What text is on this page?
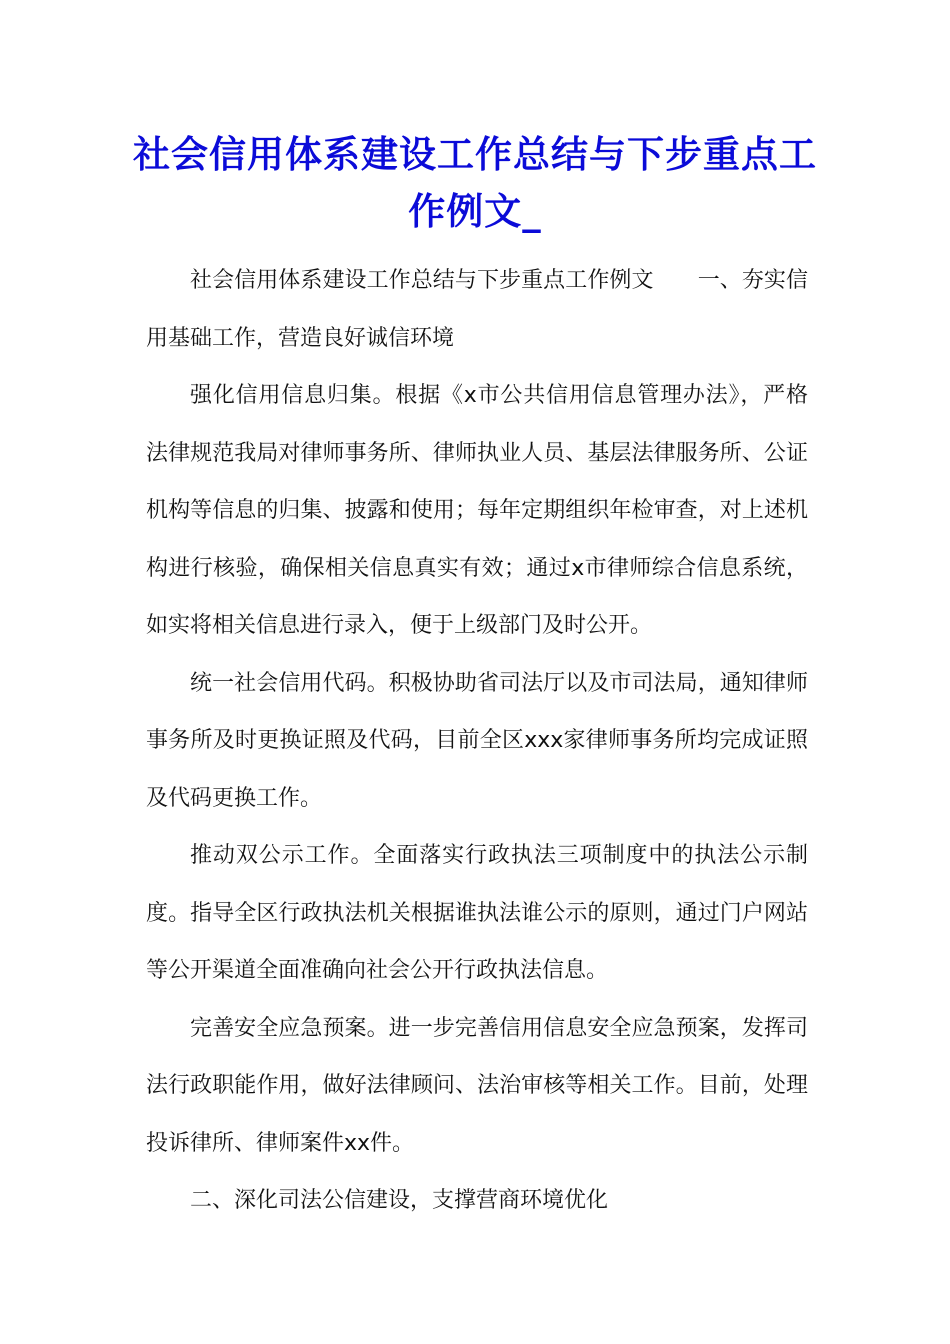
社会信用体系建设工作总结与下步重点工作例文_

社会信用体系建设工作总结与下步重点工作例文　　一、夯实信用基础工作，营造良好诚信环境

强化信用信息归集。根据《x市公共信用信息管理办法》，严格法律规范我局对律师事务所、律师执业人员、基层法律服务所、公证机构等信息的归集、披露和使用；每年定期组织年检审查，对上述机构进行核验，确保相关信息真实有效；通过x市律师综合信息系统，如实将相关信息进行录入，便于上级部门及时公开。

统一社会信用代码。积极协助省司法厅以及市司法局，通知律师事务所及时更换证照及代码，目前全区xxx家律师事务所均完成证照及代码更换工作。

推动双公示工作。全面落实行政执法三项制度中的执法公示制度。指导全区行政执法机关根据谁执法谁公示的原则，通过门户网站等公开渠道全面准确向社会公开行政执法信息。

完善安全应急预案。进一步完善信用信息安全应急预案，发挥司法行政职能作用，做好法律顾问、法治审核等相关工作。目前，处理投诉律所、律师案件xx件。

二、深化司法公信建设，支撑营商环境优化
